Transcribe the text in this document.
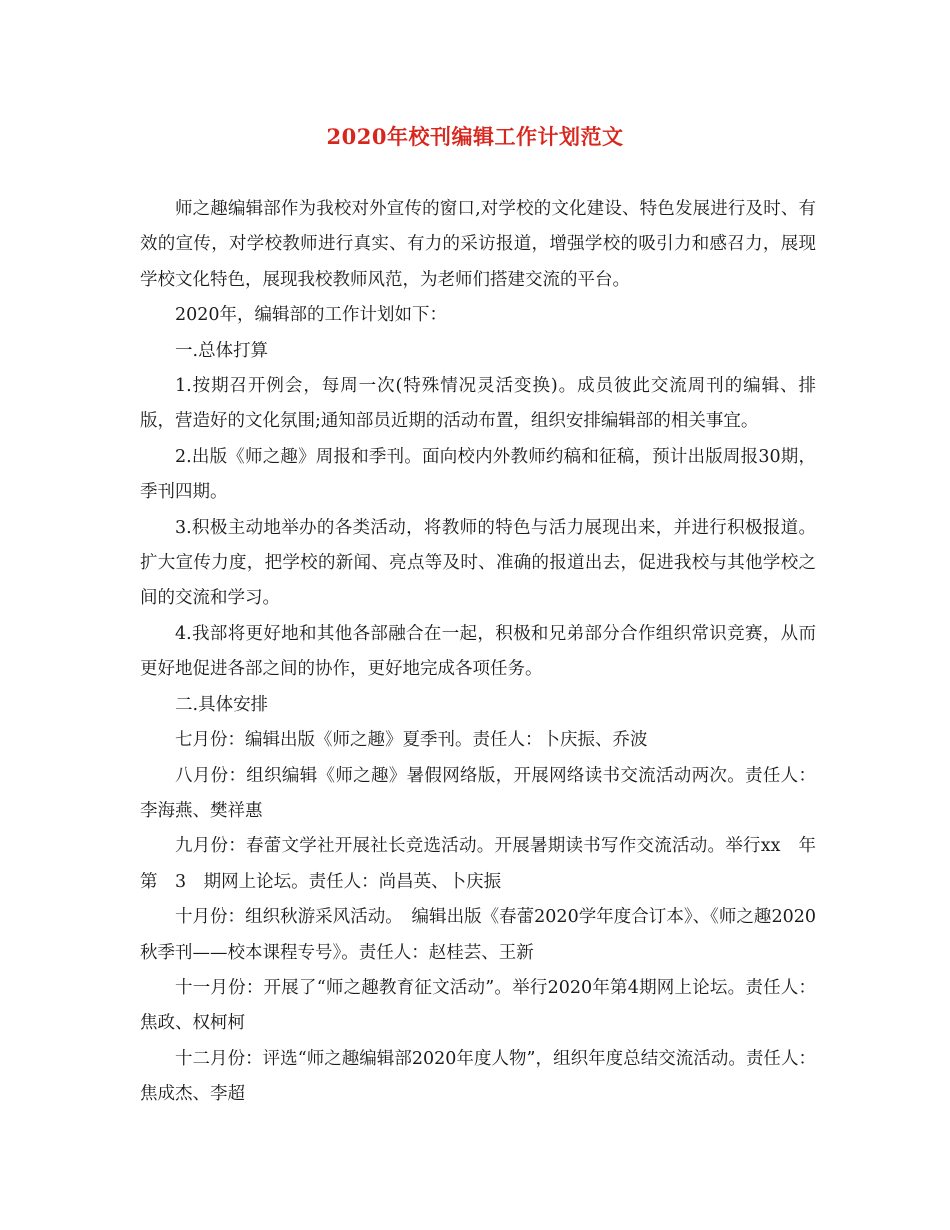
2020年校刊编辑工作计划范文

师之趣编辑部作为我校对外宣传的窗口,对学校的文化建设、特色发展进行及时、有效的宣传，对学校教师进行真实、有力的采访报道，增强学校的吸引力和感召力，展现学校文化特色，展现我校教师风范，为老师们搭建交流的平台。

2020年，编辑部的工作计划如下：

一.总体打算

1.按期召开例会，每周一次(特殊情况灵活变换)。成员彼此交流周刊的编辑、排版，营造好的文化氛围;通知部员近期的活动布置，组织安排编辑部的相关事宜。

2.出版《师之趣》周报和季刊。面向校内外教师约稿和征稿，预计出版周报30期，季刊四期。

3.积极主动地举办的各类活动，将教师的特色与活力展现出来，并进行积极报道。扩大宣传力度，把学校的新闻、亮点等及时、准确的报道出去，促进我校与其他学校之间的交流和学习。

4.我部将更好地和其他各部融合在一起，积极和兄弟部分合作组织常识竞赛，从而更好地促进各部之间的协作，更好地完成各项任务。

二.具体安排

七月份：编辑出版《师之趣》夏季刊。责任人：卜庆振、乔波

八月份：组织编辑《师之趣》暑假网络版，开展网络读书交流活动两次。责任人：李海燕、樊祥惠

九月份：春蕾文学社开展社长竞选活动。开展暑期读书写作交流活动。举行xx　年第　3　期网上论坛。责任人：尚昌英、卜庆振

十月份：组织秋游采风活动。　编辑出版《春蕾2020学年度合订本》、《师之趣2020秋季刊——校本课程专号》。责任人：赵桂芸、王新

十一月份：开展了“师之趣教育征文活动”。举行2020年第4期网上论坛。责任人：焦政、权柯柯

十二月份：评选“师之趣编辑部2020年度人物”，组织年度总结交流活动。责任人：焦成杰、李超
